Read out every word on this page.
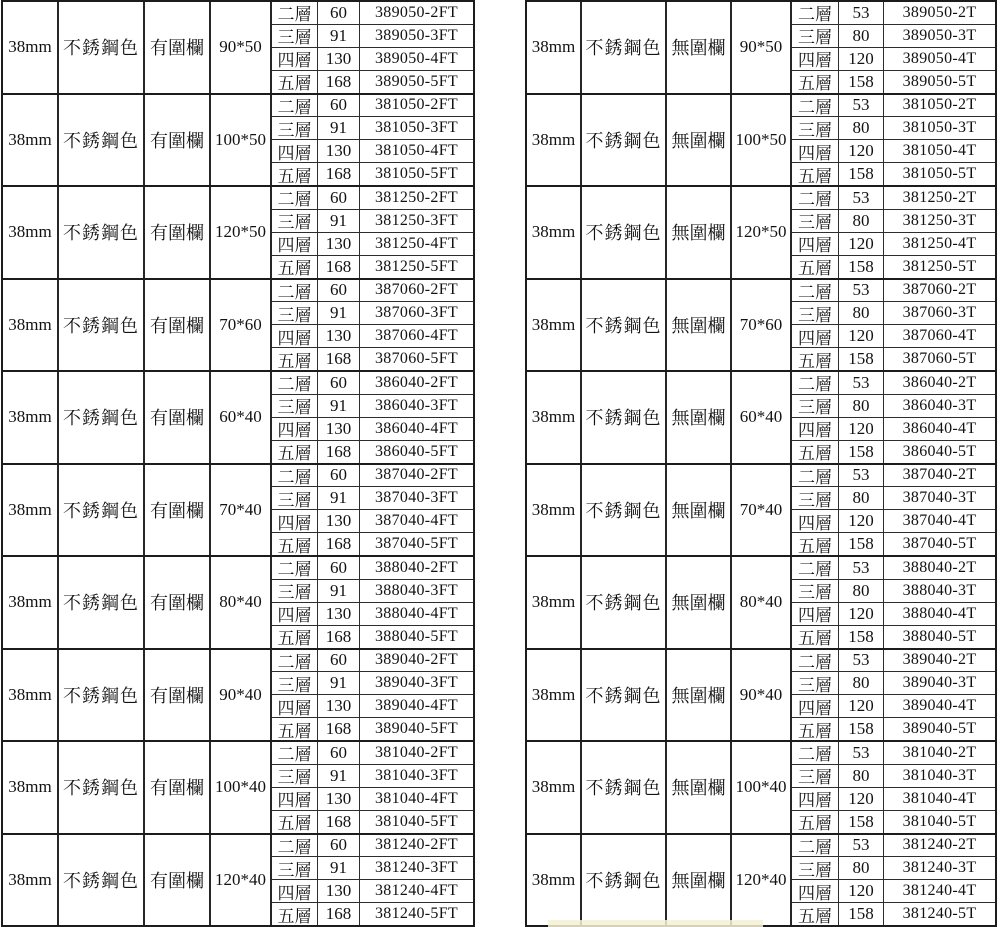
38mm 不銹鋼色 有圍欄 90*50
二層 60 389050-2FT
三層 91 389050-3FT
四層 130 389050-4FT
五層 168 389050-5FT
38mm 不銹鋼色 有圍欄 100*50
二層 60 381050-2FT
三層 91 381050-3FT
四層 130 381050-4FT
五層 168 381050-5FT
38mm 不銹鋼色 有圍欄 120*50
二層 60 381250-2FT
三層 91 381250-3FT
四層 130 381250-4FT
五層 168 381250-5FT
38mm 不銹鋼色 有圍欄 70*60
二層 60 387060-2FT
三層 91 387060-3FT
四層 130 387060-4FT
五層 168 387060-5FT
38mm 不銹鋼色 有圍欄 60*40
二層 60 386040-2FT
三層 91 386040-3FT
四層 130 386040-4FT
五層 168 386040-5FT
38mm 不銹鋼色 有圍欄 70*40
二層 60 387040-2FT
三層 91 387040-3FT
四層 130 387040-4FT
五層 168 387040-5FT
38mm 不銹鋼色 有圍欄 80*40
二層 60 388040-2FT
三層 91 388040-3FT
四層 130 388040-4FT
五層 168 388040-5FT
38mm 不銹鋼色 有圍欄 90*40
二層 60 389040-2FT
三層 91 389040-3FT
四層 130 389040-4FT
五層 168 389040-5FT
38mm 不銹鋼色 有圍欄 100*40
二層 60 381040-2FT
三層 91 381040-3FT
四層 130 381040-4FT
五層 168 381040-5FT
38mm 不銹鋼色 有圍欄 120*40
二層 60 381240-2FT
三層 91 381240-3FT
四層 130 381240-4FT
五層 168 381240-5FT
38mm 不銹鋼色 無圍欄 90*50
二層 53 389050-2T
三層 80 389050-3T
四層 120 389050-4T
五層 158 389050-5T
38mm 不銹鋼色 無圍欄 100*50
二層 53 381050-2T
三層 80 381050-3T
四層 120 381050-4T
五層 158 381050-5T
38mm 不銹鋼色 無圍欄 120*50
二層 53 381250-2T
三層 80 381250-3T
四層 120 381250-4T
五層 158 381250-5T
38mm 不銹鋼色 無圍欄 70*60
二層 53 387060-2T
三層 80 387060-3T
四層 120 387060-4T
五層 158 387060-5T
38mm 不銹鋼色 無圍欄 60*40
二層 53 386040-2T
三層 80 386040-3T
四層 120 386040-4T
五層 158 386040-5T
38mm 不銹鋼色 無圍欄 70*40
二層 53 387040-2T
三層 80 387040-3T
四層 120 387040-4T
五層 158 387040-5T
38mm 不銹鋼色 無圍欄 80*40
二層 53 388040-2T
三層 80 388040-3T
四層 120 388040-4T
五層 158 388040-5T
38mm 不銹鋼色 無圍欄 90*40
二層 53 389040-2T
三層 80 389040-3T
四層 120 389040-4T
五層 158 389040-5T
38mm 不銹鋼色 無圍欄 100*40
二層 53 381040-2T
三層 80 381040-3T
四層 120 381040-4T
五層 158 381040-5T
38mm 不銹鋼色 無圍欄 120*40
二層 53 381240-2T
三層 80 381240-3T
四層 120 381240-4T
五層 158 381240-5T
